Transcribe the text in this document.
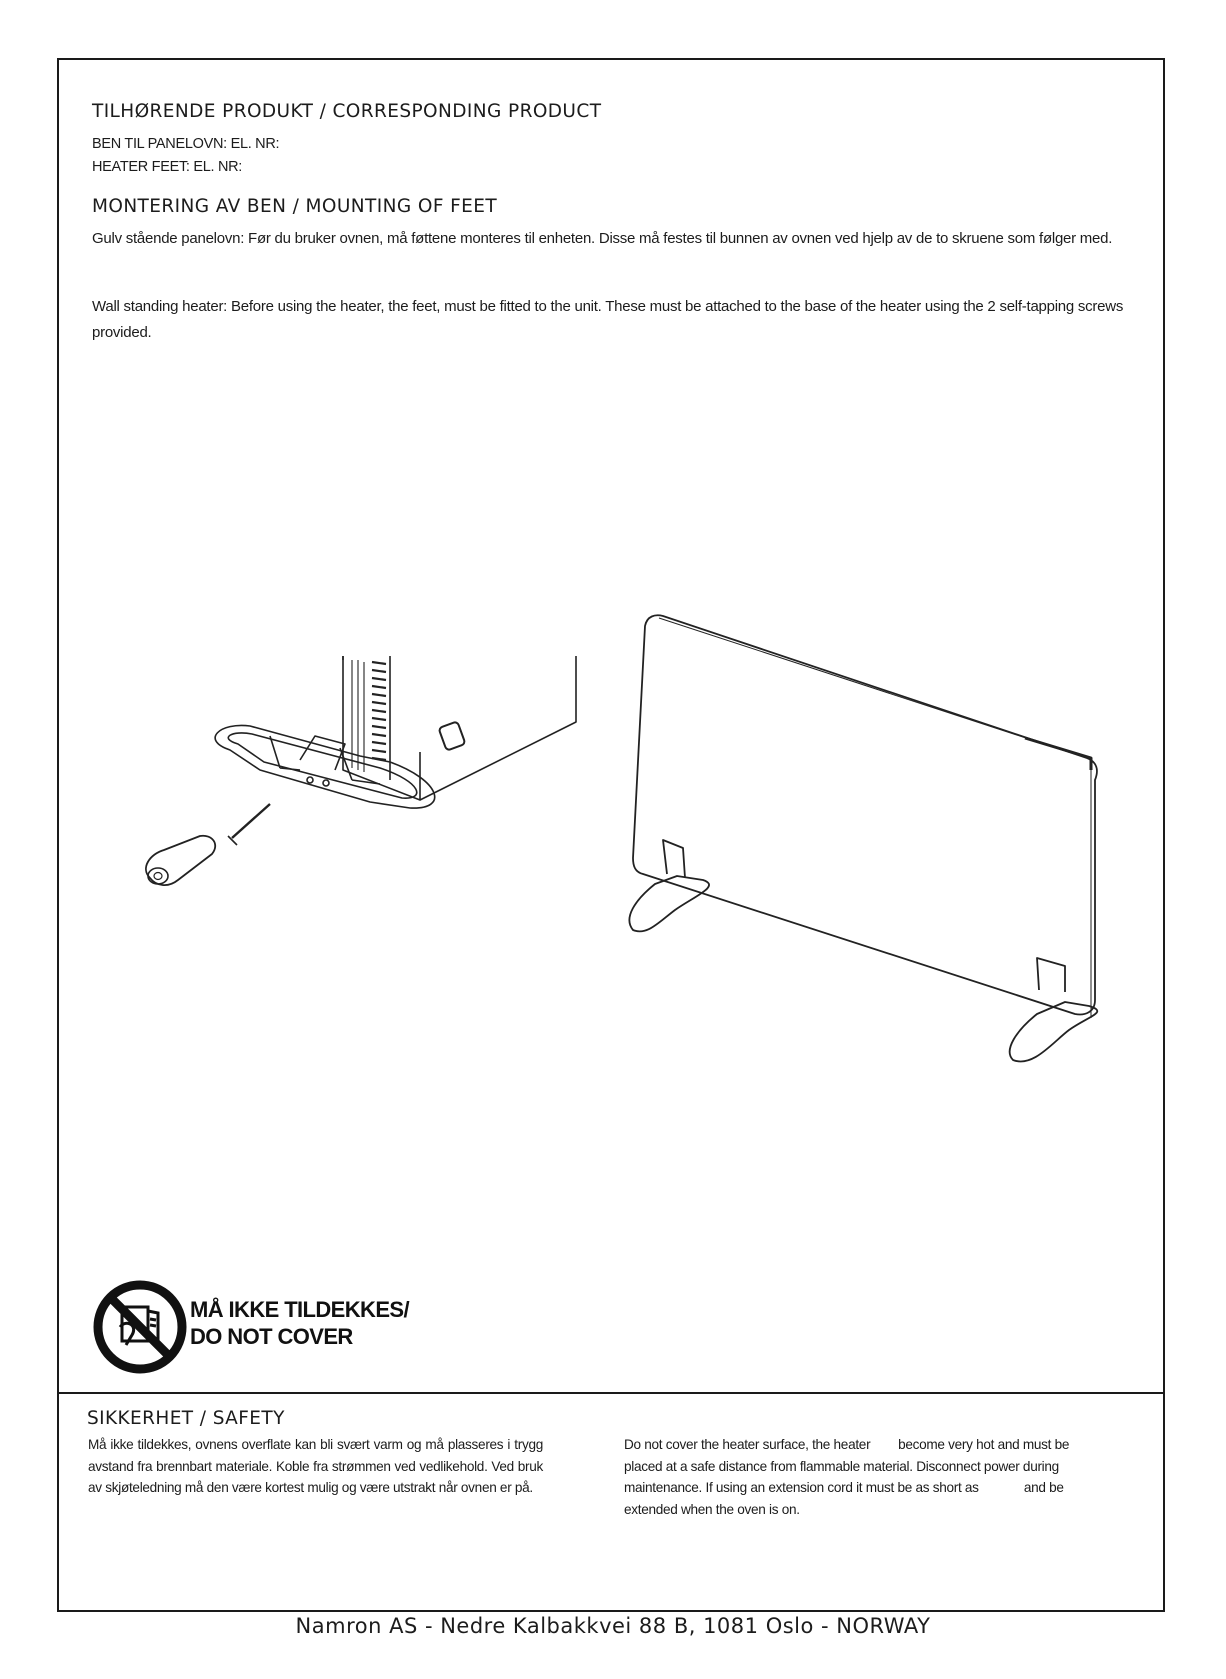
TILHØRENDE PRODUKT / CORRESPONDING PRODUCT
BEN TIL PANELOVN: EL. NR:
HEATER FEET: EL. NR:
MONTERING AV BEN / MOUNTING OF FEET

Gulv stående panelovn: Før du bruker ovnen, må føttene monteres til enheten. Disse må festes til bunnen av ovnen ved hjelp av de to skruene som følger med.

Wall standing heater: Before using the heater, the feet, must be fitted to the unit. These must be attached to the base of the heater using the 2 self-tapping screws provided.

MÅ IKKE TILDEKKES/
DO NOT COVER
SIKKERHET / SAFETY

Må ikke tildekkes, ovnens overflate kan bli svært varm og må plasseres i trygg avstand fra brennbart materiale. Koble fra strømmen ved vedlikehold. Ved bruk av skjøteledning må den være kortest mulig og være utstrakt når ovnen er på.

Do not cover the heater surface, the heater        become very hot and must be placed at a safe distance from flammable material. Disconnect power during maintenance. If using an extension cord it must be as short as             and be extended when the oven is on.

Namron AS - Nedre Kalbakkvei 88 B, 1081 Oslo - NORWAY
